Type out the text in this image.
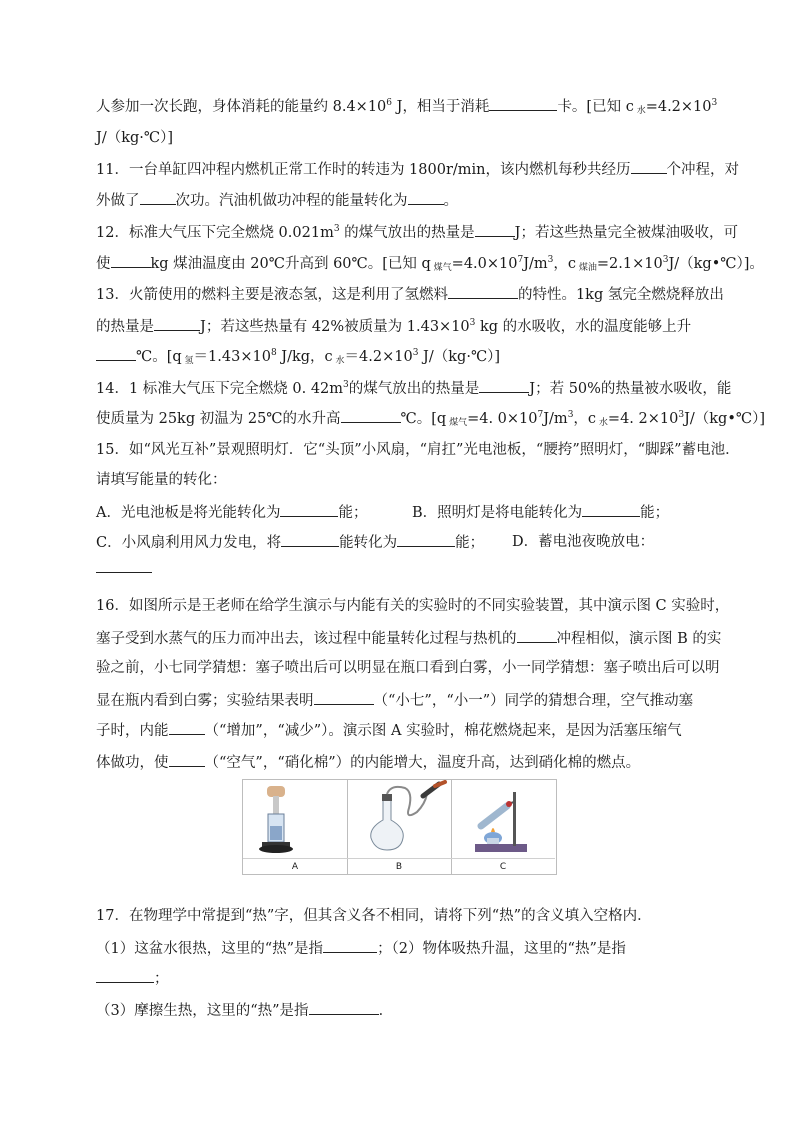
人参加一次长跑，身体消耗的能量约 $8.4\times 10^6$ J，相当于消耗	卡。[已知 c $_水=4.2\times 10^3$
J/（kg·℃）]
11．一台单缸四冲程内燃机正常工作时的转违为 1800r/min，该内燃机每秒共经历 个冲程，对
外做了 次功。汽油机做功冲程的能量转化为 。
12．标准大气压下完全燃烧 $0.021m^3$ 的煤气放出的热量是	J；若这些热量完全被煤油吸收，可
使	kg 煤油温度由 20℃升高到 60℃。[已知 q $_{煤气}=4.0\times 10^7J/m^3$，c $_{煤油}=2.1\times 10^3J/(kg•℃)$]。
13．火箭使用的燃料主要是液态氢，这是利用了氢燃料	的特性。1kg 氢完全燃烧释放出
的热量是	J；若这些热量有 42%被质量为 $1.43\times 10^3$ kg 的水吸收，水的温度能够上升
℃。[q $_氢=1.43\times 10^8$ J/kg，c $_水=4.2\times 10^3$ J/（kg·℃）]
14．1 标准大气压下完全燃烧 0. $42m^3$的煤气放出的热量是	J；若 50%的热量被水吸收，能
使质量为 25kg 初温为 25℃的水升高	℃。[q $_{煤气}$=4. $0\times 10^7J/m^3$，c $_水$=4. $2\times 10^3J/(kg•℃)$]
15．如“风光互补”景观照明灯．它“头顶”小风扇，“肩扛”光电池板，“腰挎”照明灯，“脚踩”蓄电池．
请填写能量的转化：
A．光电池板是将光能转化为	能；	B．照明灯是将电能转化为	能；
C．小风扇利用风力发电，将	能转化为	能； D．蓄电池夜晚放电：
16．如图所示是王老师在给学生演示与内能有关的实验时的不同实验装置，其中演示图 C 实验时，
塞子受到水蒸气的压力而冲出去，该过程中能量转化过程与热机的	冲程相似，演示图 B 的实
验之前，小七同学猜想：塞子喷出后可以明显在瓶口看到白雾，小一同学猜想：塞子喷出后可以明
显在瓶内看到白雾；实验结果表明	（“小七”，“小一”）同学的猜想合理，空气推动塞
子时，内能 （“增加”，“减少”）。演示图 A 实验时，棉花燃烧起来，是因为活塞压缩气
体做功，使 （“空气”，“硝化棉”）的内能增大，温度升高，达到硝化棉的燃点。
A	B	C
17．在物理学中常提到“热”字，但其含义各不相同，请将下列“热”的含义填入空格内．
（1）这盆水很热，这里的“热”是指	；（2）物体吸热升温，这里的“热”是指
；
（3）摩擦生热，这里的“热”是指	．
